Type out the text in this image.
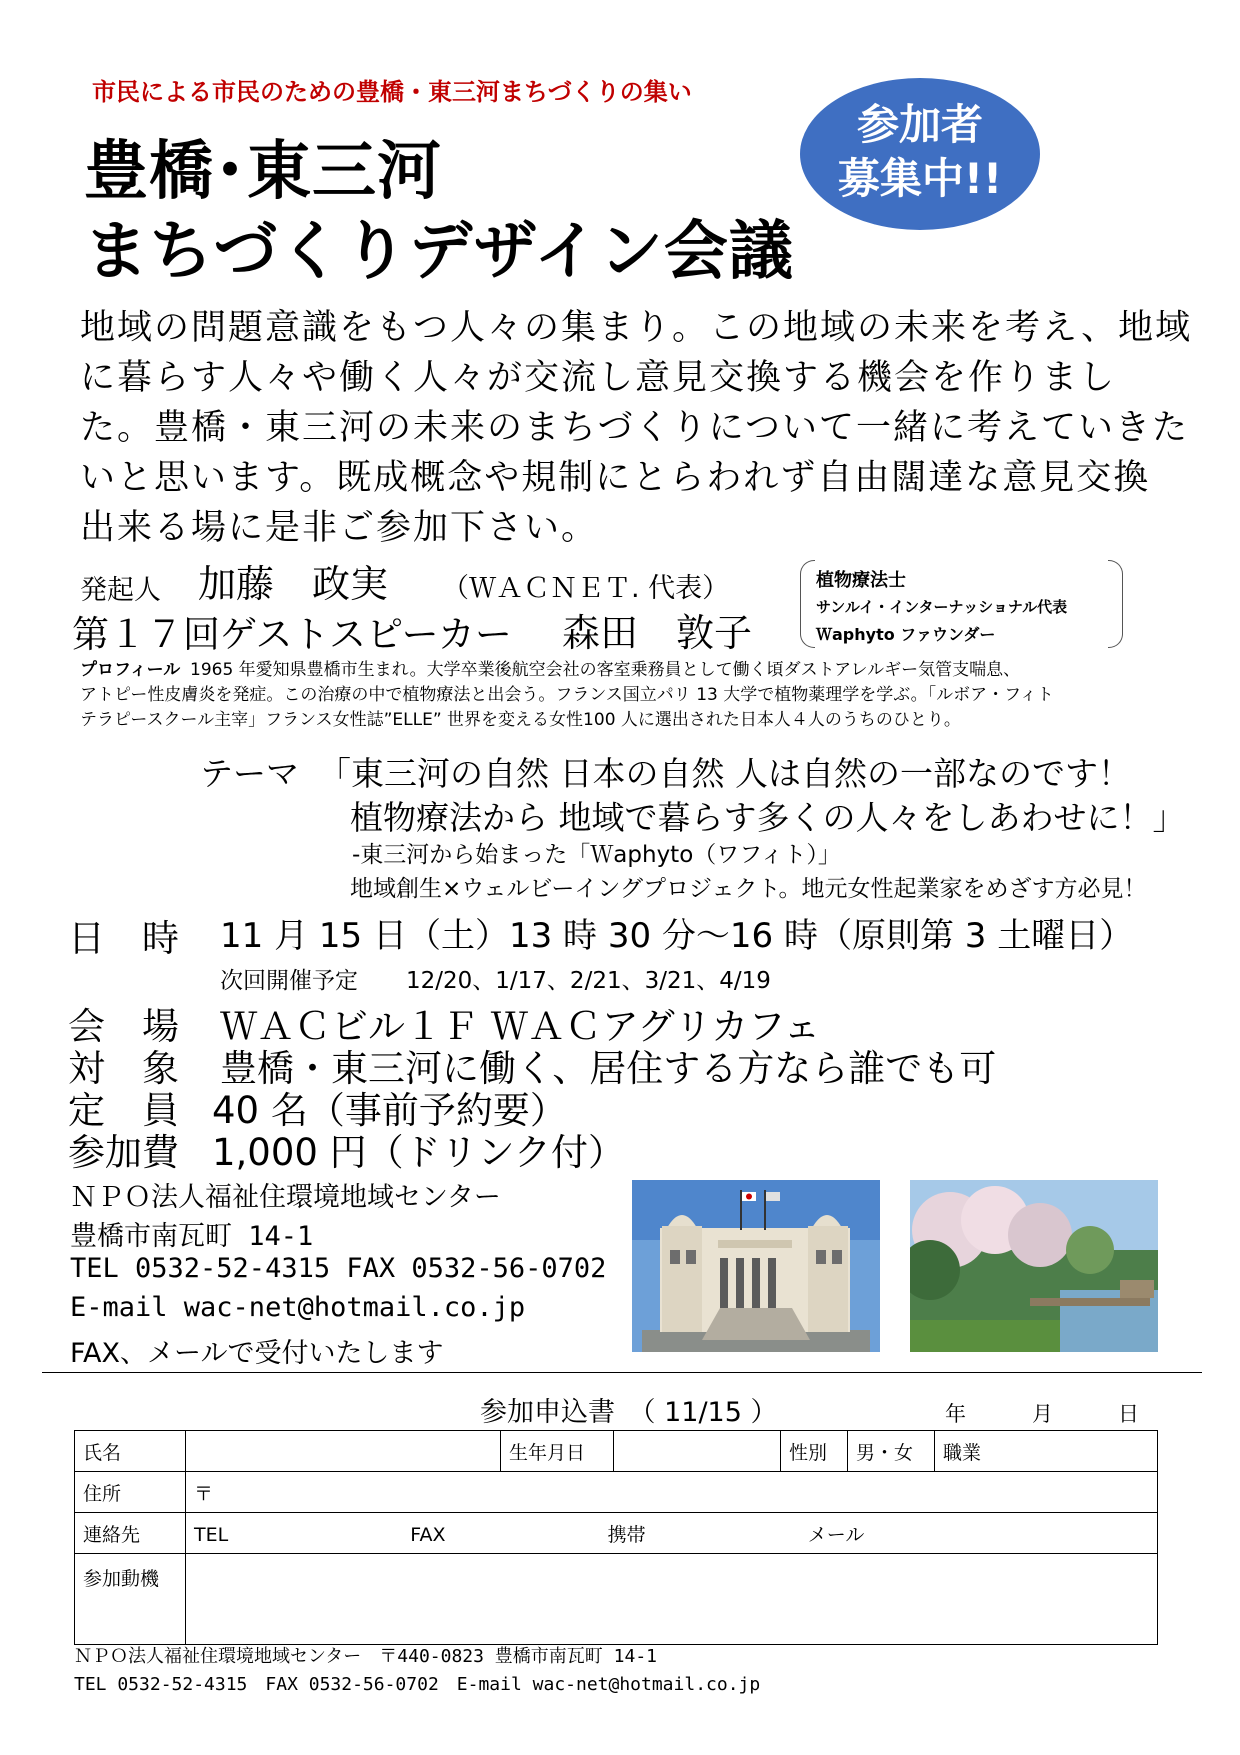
市民による市民のための豊橋・東三河まちづくりの集い
豊橋･東三河
まちづくりデザイン会議
参加者
募集中!!
地域の問題意識をもつ人々の集まり。この地域の未来を考え、地域
に暮らす人々や働く人々が交流し意見交換する機会を作りまし
た。豊橋・東三河の未来のまちづくりについて一緒に考えていきた
いと思います。既成概念や規制にとらわれず自由闊達な意見交換
出来る場に是非ご参加下さい。
発起人 加藤　政実 （ＷＡＣＮＥＴ. 代表）
第１７回ゲストスピーカー 森田　敦子
植物療法士
サンルイ・インターナッショナル代表
Ｗaphyto ファウンダー
プロフィール 1965 年愛知県豊橋市生まれ。大学卒業後航空会社の客室乗務員として働く頃ダストアレルギー気管支喘息、
アトピー性皮膚炎を発症。この治療の中で植物療法と出会う。フランス国立パリ 13 大学で植物薬理学を学ぶ。「ルボア・フィト
テラピースクール主宰」フランス女性誌”ELLE” 世界を変える女性100 人に選出された日本人４人のうちのひとり。
テーマ 「東三河の自然 日本の自然 人は自然の一部なのです！
植物療法から 地域で暮らす多くの人々をしあわせに！」
-東三河から始まった「Ｗaphyto（ワフィト）」
地域創生×ウェルビーイングプロジェクト。地元女性起業家をめざす方必見！
日　時 11 月 15 日（土）13 時 30 分～16 時（原則第 3 土曜日）
次回開催予定 12/20、1/17、2/21、3/21、4/19
会　場 ＷＡＣビル１Ｆ ＷＡＣアグリカフェ
対　象 豊橋・東三河に働く、居住する方なら誰でも可
定　員 40 名（事前予約要）
参加費 1,000 円（ドリンク付）
ＮＰＯ法人福祉住環境地域センター
豊橋市南瓦町 14-1
TEL 0532-52-4315 FAX 0532-56-0702
E-mail wac-net@hotmail.co.jp
FAX、メールで受付いたします
参加申込書　（ 11/15 ）	年	月	日
氏名		生年月日		性別	男・女	職業
住所	〒					
連絡先	TEL FAX 携帯 メール					
参加動機						
ＮＰＯ法人福祉住環境地域センター　〒440-0823 豊橋市南瓦町 14-1
TEL 0532-52-4315　FAX 0532-56-0702　E-mail wac-net@hotmail.co.jp
